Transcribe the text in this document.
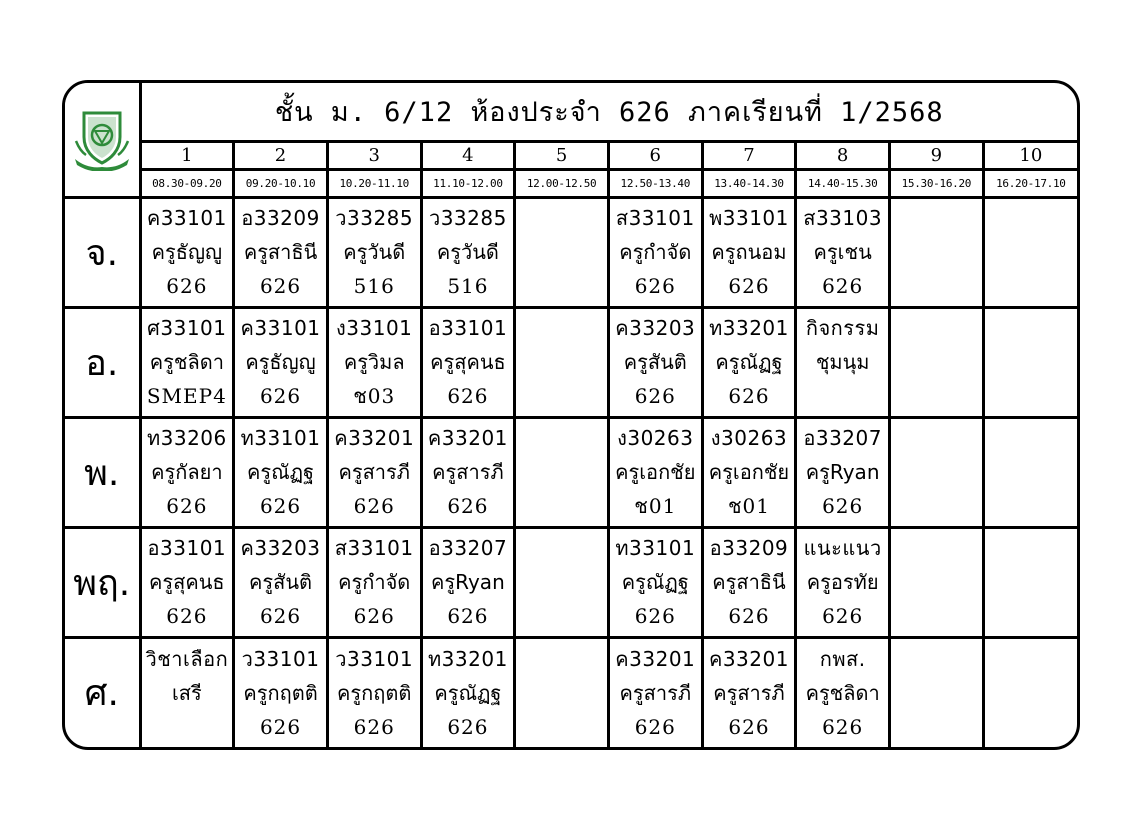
	ชั้น ม. 6/12 ห้องประจำ 626 ภาคเรียนที่ 1/2568									
	1	2	3	4	5	6	7	8	9	10
	08.30-09.20	09.20-10.10	10.20-11.10	11.10-12.00	12.00-12.50	12.50-13.40	13.40-14.30	14.40-15.30	15.30-16.20	16.20-17.10
จ.	ค33101
ครูธัญญู
626	อ33209
ครูสาธินี
626	ว33285
ครูวันดี
516	ว33285
ครูวันดี
516		ส33101
ครูกำจัด
626	พ33101
ครูถนอม
626	ส33103
ครูเชน
626		

อ.	ศ33101
ครูชลิดา
SMEP4	ค33101
ครูธัญญู
626	ง33101
ครูวิมล
ช03	อ33101
ครูสุคนธ
626		ค33203
ครูสันติ
626	ท33201
ครูณัฏฐ
626	กิจกรรม
ชุมนุม		

พ.	ท33206
ครูกัลยา
626	ท33101
ครูณัฏฐ
626	ค33201
ครูสารภี
626	ค33201
ครูสารภี
626		ง30263
ครูเอกชัย
ช01	ง30263
ครูเอกชัย
ช01	อ33207
ครูRyan
626		

พฤ.	อ33101
ครูสุคนธ
626	ค33203
ครูสันติ
626	ส33101
ครูกำจัด
626	อ33207
ครูRyan
626		ท33101
ครูณัฏฐ
626	อ33209
ครูสาธินี
626	แนะแนว
ครูอรทัย
626		

ศ.	วิชาเลือก
เสรี	ว33101
ครูกฤตติ
626	ว33101
ครูกฤตติ
626	ท33201
ครูณัฏฐ
626		ค33201
ครูสารภี
626	ค33201
ครูสารภี
626	กพส.
ครูชลิดา
626		
